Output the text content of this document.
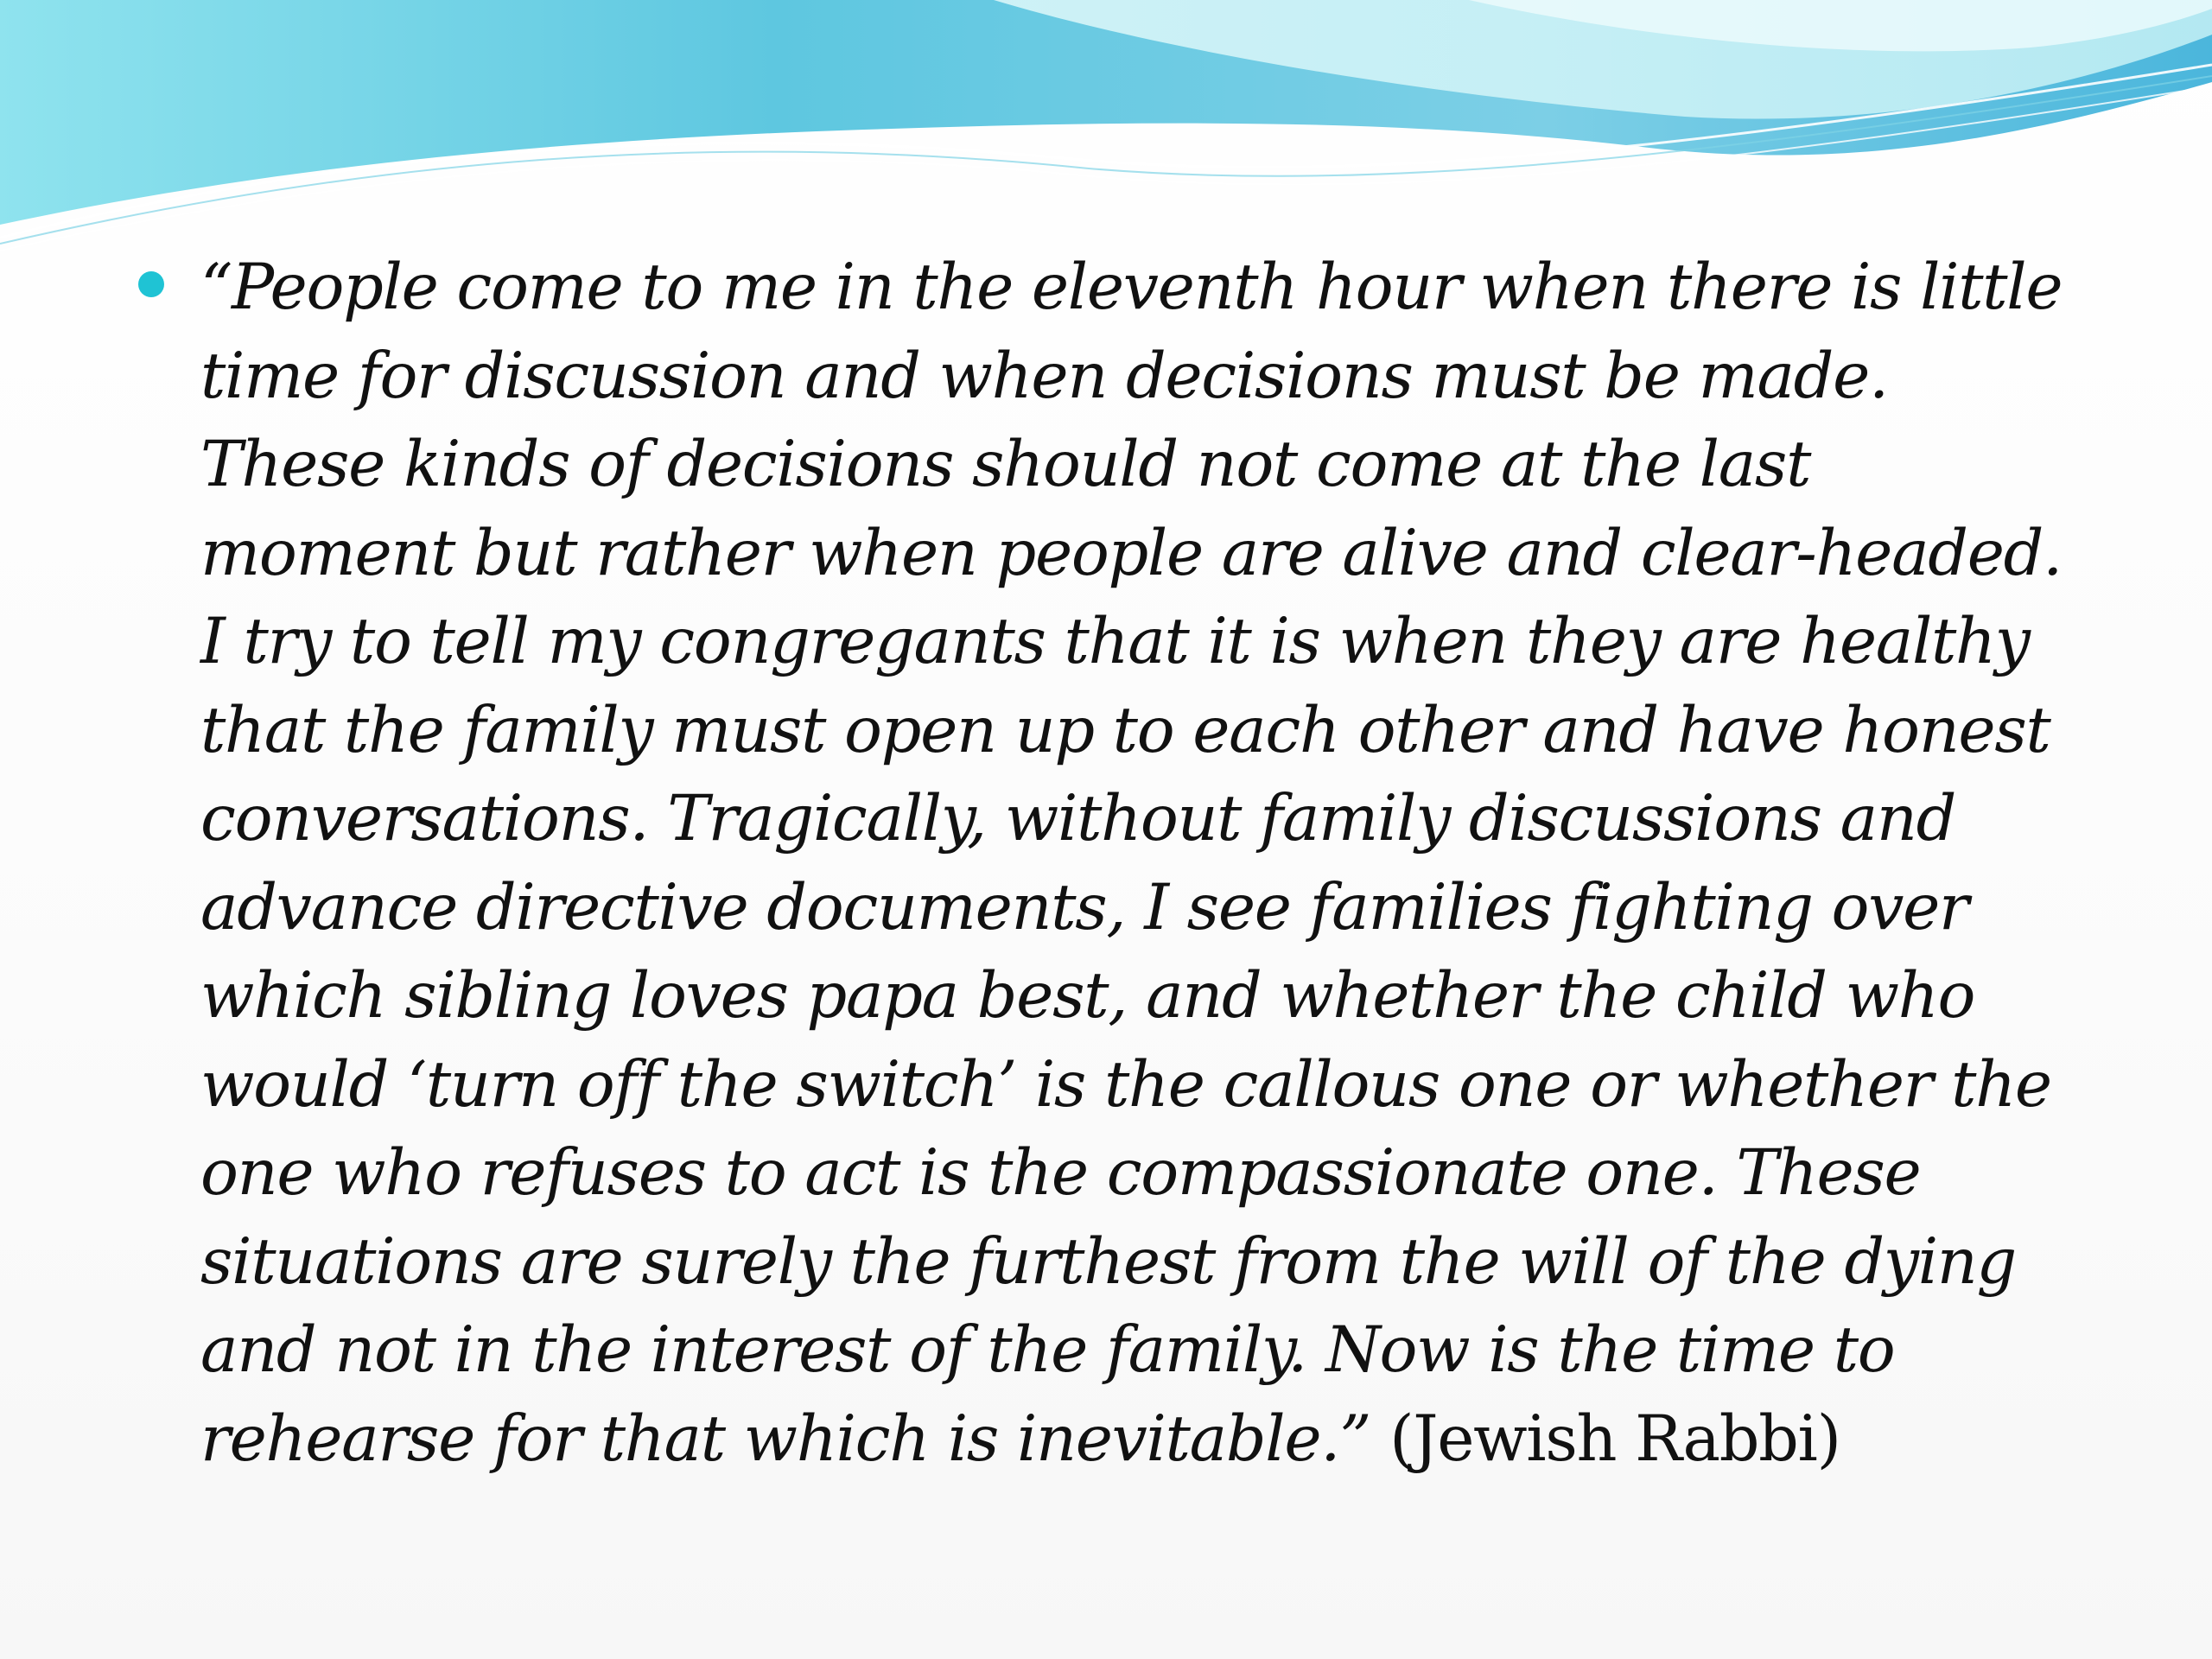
“People come to me in the eleventh hour when there is little
time for discussion and when decisions must be made.
These kinds of decisions should not come at the last
moment but rather when people are alive and clear-headed.
I try to tell my congregants that it is when they are healthy
that the family must open up to each other and have honest
conversations. Tragically, without family discussions and
advance directive documents, I see families fighting over
which sibling loves papa best, and whether the child who
would ‘turn off the switch’ is the callous one or whether the
one who refuses to act is the compassionate one. These
situations are surely the furthest from the will of the dying
and not in the interest of the family. Now is the time to
rehearse for that which is inevitable.” (Jewish Rabbi)
